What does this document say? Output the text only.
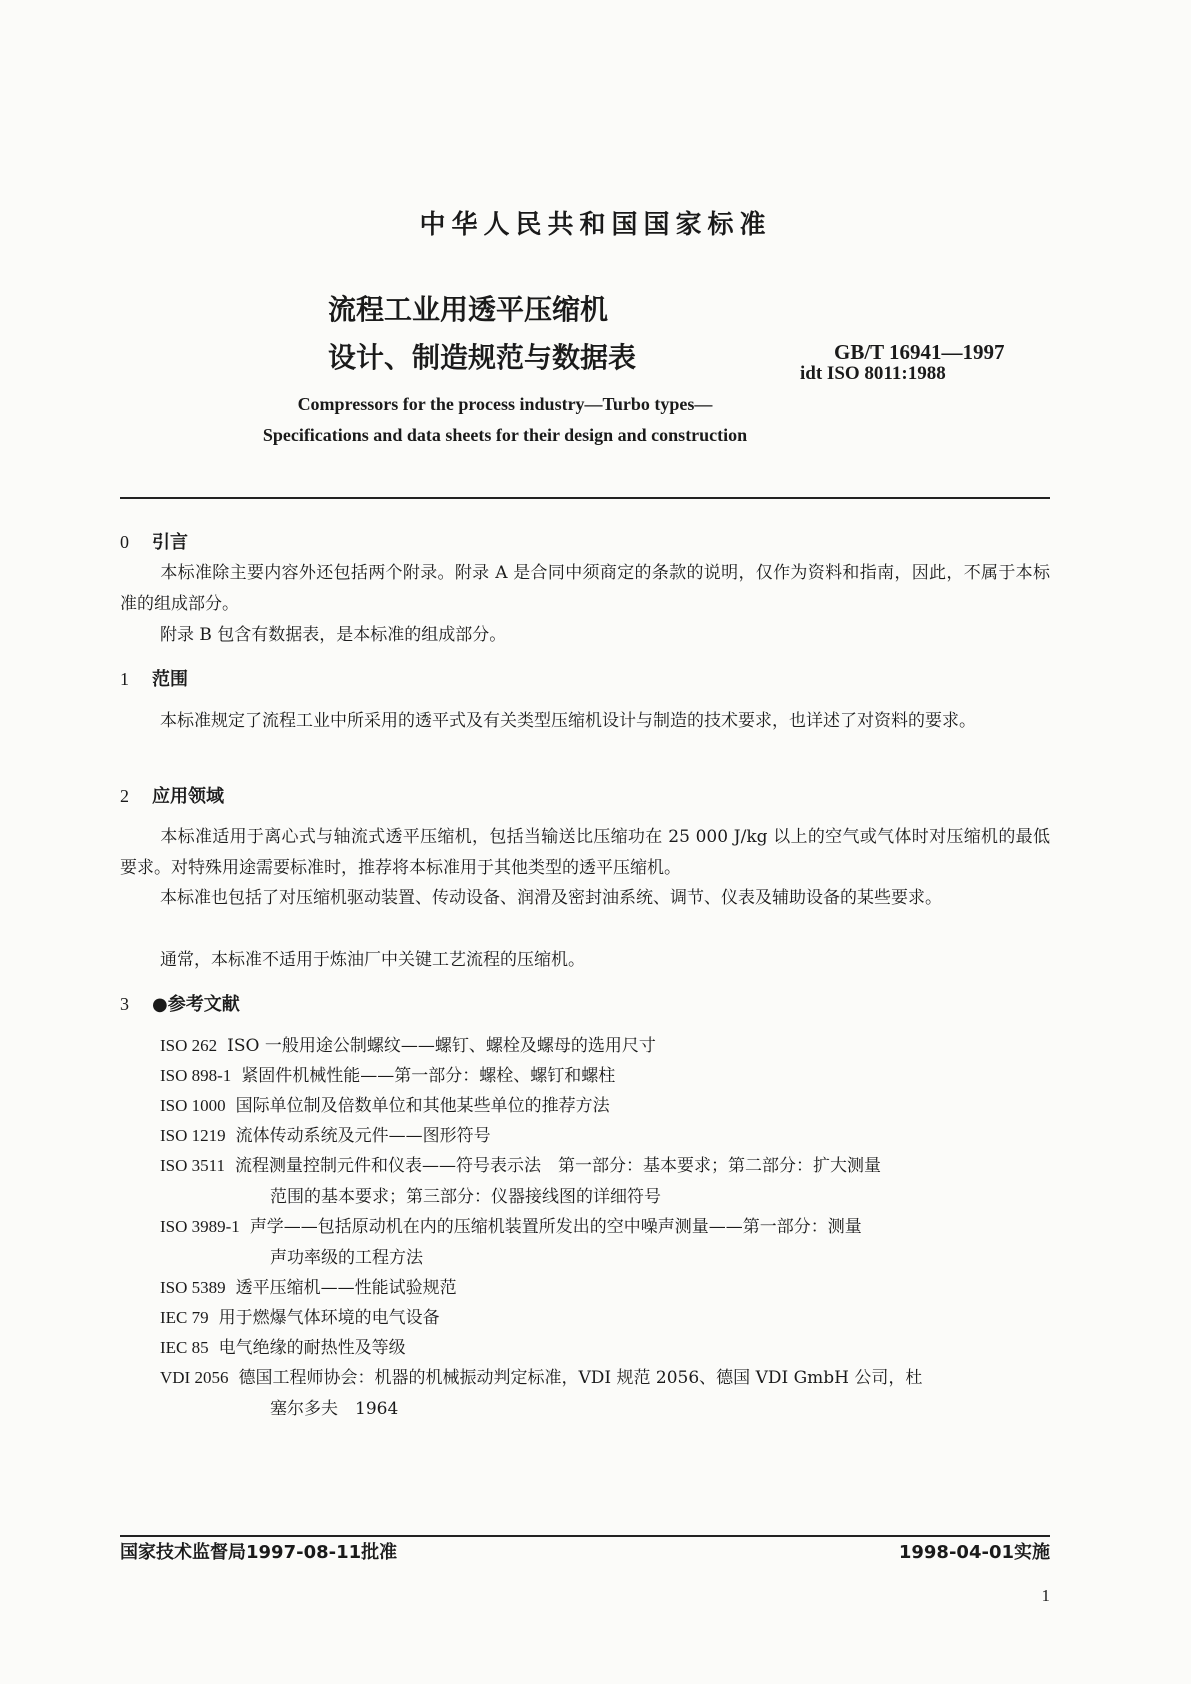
中华人民共和国国家标准
流程工业用透平压缩机
设计、制造规范与数据表	GB/T 16941—1997
idt ISO 8011:1988
Compressors for the process industry—Turbo types—
Specifications and data sheets for their design and construction
0 引言
本标准除主要内容外还包括两个附录。附录 A 是合同中须商定的条款的说明，仅作为资料和指南，因此，不属于本标准的组成部分。
附录 B 包含有数据表，是本标准的组成部分。
1 范围
本标准规定了流程工业中所采用的透平式及有关类型压缩机设计与制造的技术要求，也详述了对资料的要求。
2 应用领域
本标准适用于离心式与轴流式透平压缩机，包括当输送比压缩功在 25 000 J/kg 以上的空气或气体时对压缩机的最低要求。对特殊用途需要标准时，推荐将本标准用于其他类型的透平压缩机。
本标准也包括了对压缩机驱动装置、传动设备、润滑及密封油系统、调节、仪表及辅助设备的某些要求。
通常，本标准不适用于炼油厂中关键工艺流程的压缩机。
3 ●参考文献
ISO 262 ISO 一般用途公制螺纹——螺钉、螺栓及螺母的选用尺寸
ISO 898-1 紧固件机械性能——第一部分：螺栓、螺钉和螺柱
ISO 1000 国际单位制及倍数单位和其他某些单位的推荐方法
ISO 1219 流体传动系统及元件——图形符号
ISO 3511 流程测量控制元件和仪表——符号表示法　第一部分：基本要求；第二部分：扩大测量
范围的基本要求；第三部分：仪器接线图的详细符号
ISO 3989-1 声学——包括原动机在内的压缩机装置所发出的空中噪声测量——第一部分：测量
声功率级的工程方法
ISO 5389 透平压缩机——性能试验规范
IEC 79 用于燃爆气体环境的电气设备
IEC 85 电气绝缘的耐热性及等级
VDI 2056 德国工程师协会：机器的机械振动判定标准，VDI 规范 2056、德国 VDI GmbH 公司，杜
塞尔多夫　1964
国家技术监督局1997-08-11批准	1998-04-01实施
1
